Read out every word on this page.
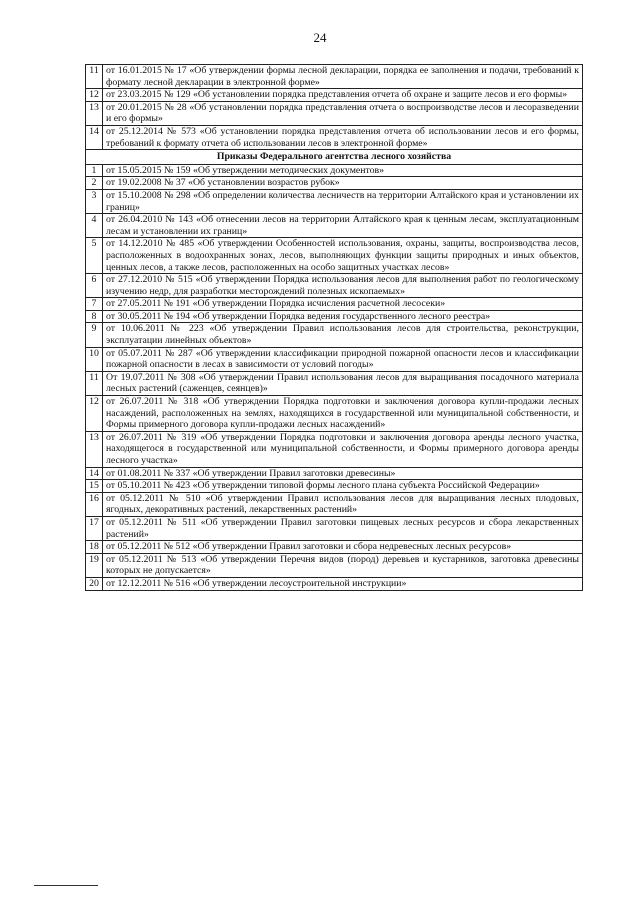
24
11	от 16.01.2015 № 17 «Об утверждении формы лесной декларации, порядка ее заполнения и подачи, требований к формату лесной декларации в электронной форме»
12	от 23.03.2015 № 129 «Об установлении порядка представления отчета об охране и защите лесов и его формы»
13	от 20.01.2015 № 28 «Об установлении порядка представления отчета о воспроизводстве лесов и лесоразведении и его формы»
14	от 25.12.2014 № 573 «Об установлении порядка представления отчета об использовании лесов и его формы, требований к формату отчета об использовании лесов в электронной форме»
Приказы Федерального агентства лесного хозяйства	
1	от 15.05.2015 № 159 «Об утверждении методических документов»
2	от 19.02.2008 № 37 «Об установлении возрастов рубок»
3	от 15.10.2008 № 298 «Об определении количества лесничеств на территории Алтайского края и установлении их границ»
4	от 26.04.2010 № 143 «Об отнесении лесов на территории Алтайского края к ценным лесам, эксплуатационным лесам и установлении их границ»
5	от 14.12.2010 № 485 «Об утверждении Особенностей использования, охраны, защиты, воспроизводства лесов, расположенных в водоохранных зонах, лесов, выполняющих функции защиты природных и иных объектов, ценных лесов, а также лесов, расположенных на особо защитных участках лесов»
6	от 27.12.2010 № 515 «Об утверждении Порядка использования лесов для выполнения работ по геологическому изучению недр, для разработки месторождений полезных ископаемых»
7	от 27.05.2011 № 191 «Об утверждении Порядка исчисления расчетной лесосеки»
8	от 30.05.2011 № 194 «Об утверждении Порядка ведения государственного лесного реестра»
9	от 10.06.2011 № 223 «Об утверждении Правил использования лесов для строительства, реконструкции, эксплуатации линейных объектов»
10	от 05.07.2011 № 287 «Об утверждении классификации природной пожарной опасности лесов и классификации пожарной опасности в лесах в зависимости от условий погоды»
11	От 19.07.2011 № 308 «Об утверждении Правил использования лесов для выращивания посадочного материала лесных растений (саженцев, сеянцев)»
12	от 26.07.2011 № 318 «Об утверждении Порядка подготовки и заключения договора купли-продажи лесных насаждений, расположенных на землях, находящихся в государственной или муниципальной собственности, и Формы примерного договора купли-продажи лесных насаждений»
13	от 26.07.2011 № 319 «Об утверждении Порядка подготовки и заключения договора аренды лесного участка, находящегося в государственной или муниципальной собственности, и Формы примерного договора аренды лесного участка»
14	от 01.08.2011 № 337 «Об утверждении Правил заготовки древесины»
15	от 05.10.2011 № 423 «Об утверждении типовой формы лесного плана субъекта Российской Федерации»
16	от 05.12.2011 № 510 «Об утверждении Правил использования лесов для выращивания лесных плодовых, ягодных, декоративных растений, лекарственных растений»
17	от 05.12.2011 № 511 «Об утверждении Правил заготовки пищевых лесных ресурсов и сбора лекарственных растений»
18	от 05.12.2011 № 512 «Об утверждении Правил заготовки и сбора недревесных лесных ресурсов»
19	от 05.12.2011 № 513 «Об утверждении Перечня видов (пород) деревьев и кустарников, заготовка древесины которых не допускается»
20	от 12.12.2011 № 516 «Об утверждении лесоустроительной инструкции»
